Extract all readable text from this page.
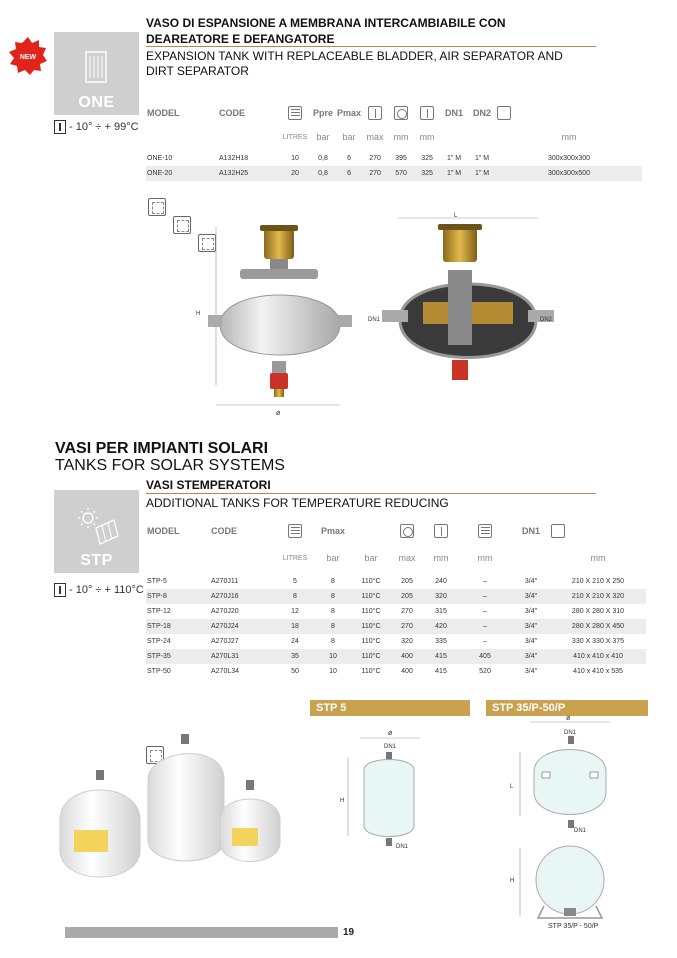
NEW
ONE
- 10° ÷ + 99°C
VASO DI ESPANSIONE A MEMBRANA INTERCAMBIABILE CON DEAREATORE E DEFANGATORE
EXPANSION TANK WITH REPLACEABLE BLADDER, AIR SEPARATOR AND DIRT SEPARATOR
MODEL	CODE		Ppre	Pmax				DN1	DN2	
		LITRES	bar	bar	max	mm	mm			mm
ONE-10	A132H18	10	0,8	6	270	395	325	1" M	1" M	300x300x300
ONE-20	A132H25	20	0,8	6	270	570	325	1" M	1" M	300x300x500
H
ø
L
DN1	DN2
VASI PER IMPIANTI SOLARI
TANKS FOR SOLAR SYSTEMS
STP
- 10° ÷ + 110°C
VASI STEMPERATORI
ADDITIONAL TANKS FOR TEMPERATURE REDUCING
MODEL	CODE		Pmax					DN1	
		LITRES	bar	bar	max	mm	mm		mm
STP-5	A270J11	5	8	110°C	205	240	–	3/4"	210 X 210 X 250
STP-8	A270J16	8	8	110°C	205	320	–	3/4"	210 X 210 X 320
STP-12	A270J20	12	8	110°C	270	315	–	3/4"	280 X 280 X 310
STP-18	A270J24	18	8	110°C	270	420	–	3/4"	280 X 280 X 450
STP-24	A270J27	24	8	110°C	320	335	–	3/4"	330 X 330 X 375
STP-35	A270L31	35	10	110°C	400	415	405	3/4"	410 x 410 x 410
STP-50	A270L34	50	10	110°C	400	415	520	3/4"	410 x 410 x 535
STP 5	STP 35/P-50/P
ø
DN1
DN1
H
ø
DN1
DN1
L
H
STP 35/P - 50/P
19
